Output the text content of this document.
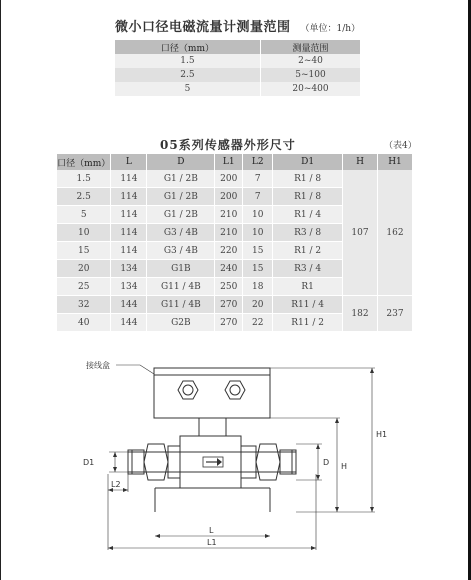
微小口径电磁流量计测量范围 （单位：1/h）
口径（mm）	测量范围
1.5	2~40
2.5	5~100
5	20~400
05系列传感器外形尺寸	（表4）
口径（mm）	L	D	L1	L2	D1	H	H1
1.5	114	G1 / 2B	200	7	R1 / 8	107	162
2.5	114	G1 / 2B	200	7	R1 / 8		
5	114	G1 / 2B	210	10	R1 / 4		
10	114	G3 / 4B	210	10	R3 / 8		
15	114	G3 / 4B	220	15	R1 / 2		
20	134	G1B	240	15	R3 / 4		
25	134	G11 / 4B	250	18	R1		
32	144	G11 / 4B	270	20	R11 / 4	182	237
40	144	G2B	270	22	R11 / 2		
接线盒
D1	D
L2
L
L1
H
H1
